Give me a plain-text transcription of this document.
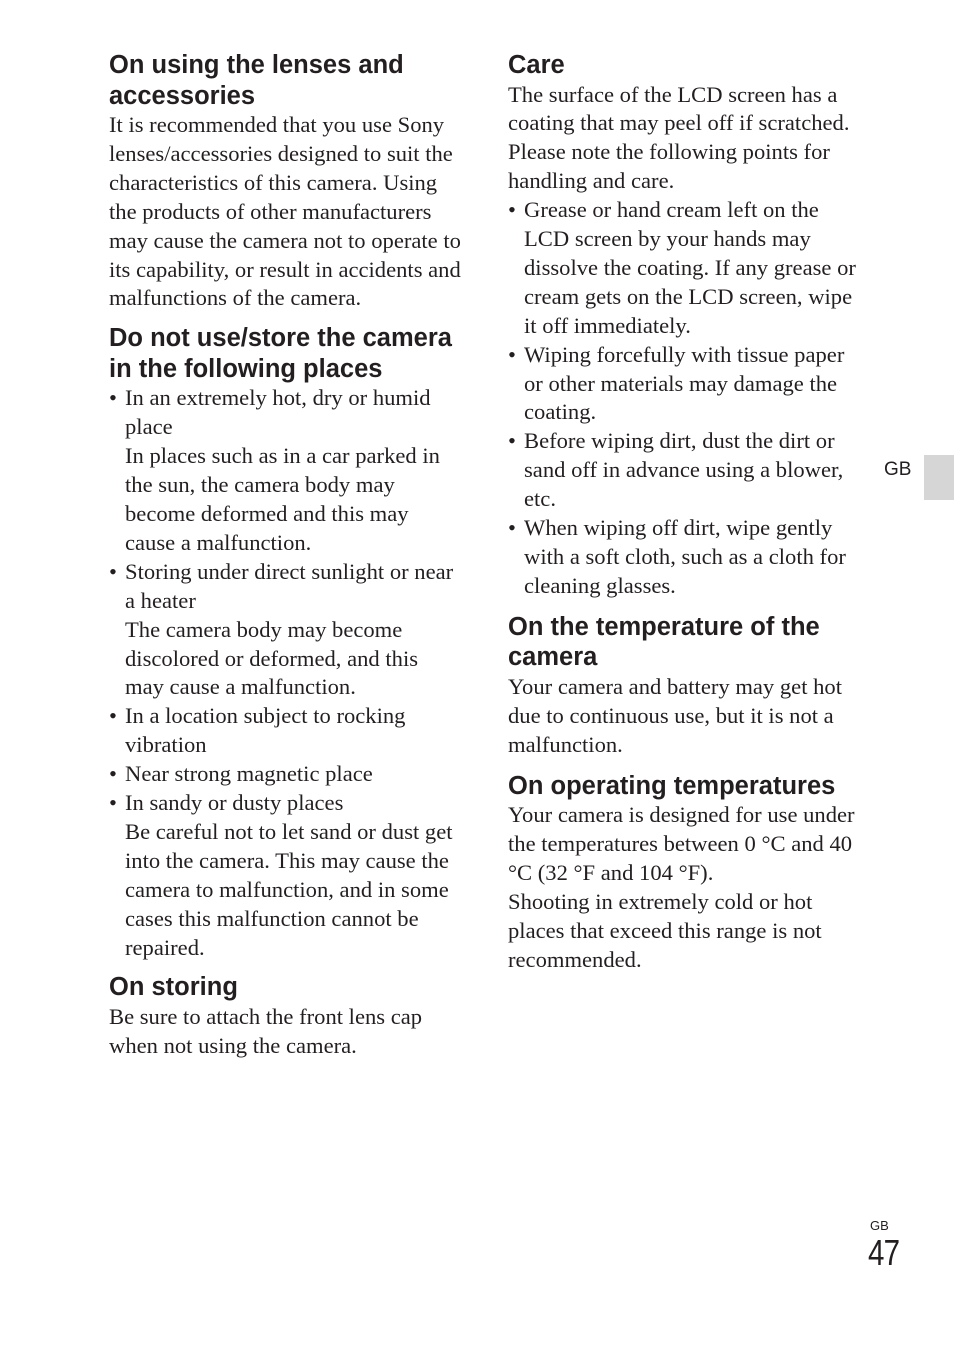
On using the lenses and accessories

It is recommended that you use Sony lenses/accessories designed to suit the characteristics of this camera. Using the products of other manufacturers may cause the camera not to operate to its capability, or result in accidents and malfunctions of the camera.

Do not use/store the camera in the following places
• In an extremely hot, dry or humid place
In places such as in a car parked in the sun, the camera body may become deformed and this may cause a malfunction.
• Storing under direct sunlight or near a heater
The camera body may become discolored or deformed, and this may cause a malfunction.
• In a location subject to rocking vibration
• Near strong magnetic place
• In sandy or dusty places
Be careful not to let sand or dust get into the camera. This may cause the camera to malfunction, and in some cases this malfunction cannot be repaired.
On storing

Be sure to attach the front lens cap when not using the camera.

Care

The surface of the LCD screen has a coating that may peel off if scratched.

Please note the following points for handling and care.

• Grease or hand cream left on the LCD screen by your hands may dissolve the coating. If any grease or cream gets on the LCD screen, wipe it off immediately.
• Wiping forcefully with tissue paper or other materials may damage the coating.
• Before wiping dirt, dust the dirt or sand off in advance using a blower, etc.
• When wiping off dirt, wipe gently with a soft cloth, such as a cloth for cleaning glasses.
On the temperature of the camera

Your camera and battery may get hot due to continuous use, but it is not a malfunction.

On operating temperatures

Your camera is designed for use under the temperatures between 0 °C and 40 °C (32 °F and 104 °F).

Shooting in extremely cold or hot places that exceed this range is not recommended.

GB
GB
47
